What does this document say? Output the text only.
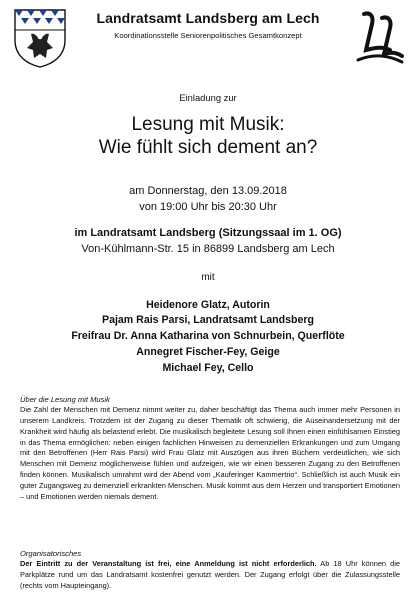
Landratsamt Landsberg am Lech
Koordinationsstelle Seniorenpolitisches Gesamtkonzept
Einladung zur
Lesung mit Musik:
Wie fühlt sich dement an?
am Donnerstag, den 13.09.2018
von 19:00 Uhr bis 20:30 Uhr
im Landratsamt Landsberg (Sitzungssaal im 1. OG)
Von-Kühlmann-Str. 15 in 86899 Landsberg am Lech
mit
Heidenore Glatz, Autorin
Pajam Rais Parsi, Landratsamt Landsberg
Freifrau Dr. Anna Katharina von Schnurbein, Querflöte
Annegret Fischer-Fey, Geige
Michael Fey, Cello
Über die Lesung mit Musik
Die Zahl der Menschen mit Demenz nimmt weiter zu, daher beschäftigt das Thema auch immer mehr Personen in unserem Landkreis. Trotzdem ist der Zugang zu dieser Thematik oft schwierig, die Auseinandersetzung mit der Krankheit wird häufig als belastend erlebt. Die musikalisch begleitete Lesung soll Ihnen einen einfühlsamen Einstieg in das Thema ermöglichen: neben einigen fachlichen Hinweisen zu demenziellen Erkrankungen und zum Umgang mit den Betroffenen (Herr Rais Parsi) wird Frau Glatz mit Auszügen aus ihren Büchern verdeutlichen, wie sich Menschen mit Demenz möglicherweise fühlen und aufzeigen, wie wir einen besseren Zugang zu den Betroffenen finden können. Musikalisch umrahmt wird der Abend vom „Kauferinger Kammertrio“. Schließlich ist auch Musik ein guter Zugangsweg zu demenziell erkrankten Menschen. Musik kommt aus dem Herzen und transportiert Emotionen – und Emotionen werden niemals dement.
Organisatorisches
Der Eintritt zu der Veranstaltung ist frei, eine Anmeldung ist nicht erforderlich. Ab 18 Uhr können die Parkplätze rund um das Landratsamt kostenfrei genutzt werden. Der Zugang erfolgt über die Zulassungsstelle (rechts vom Haupteingang).
